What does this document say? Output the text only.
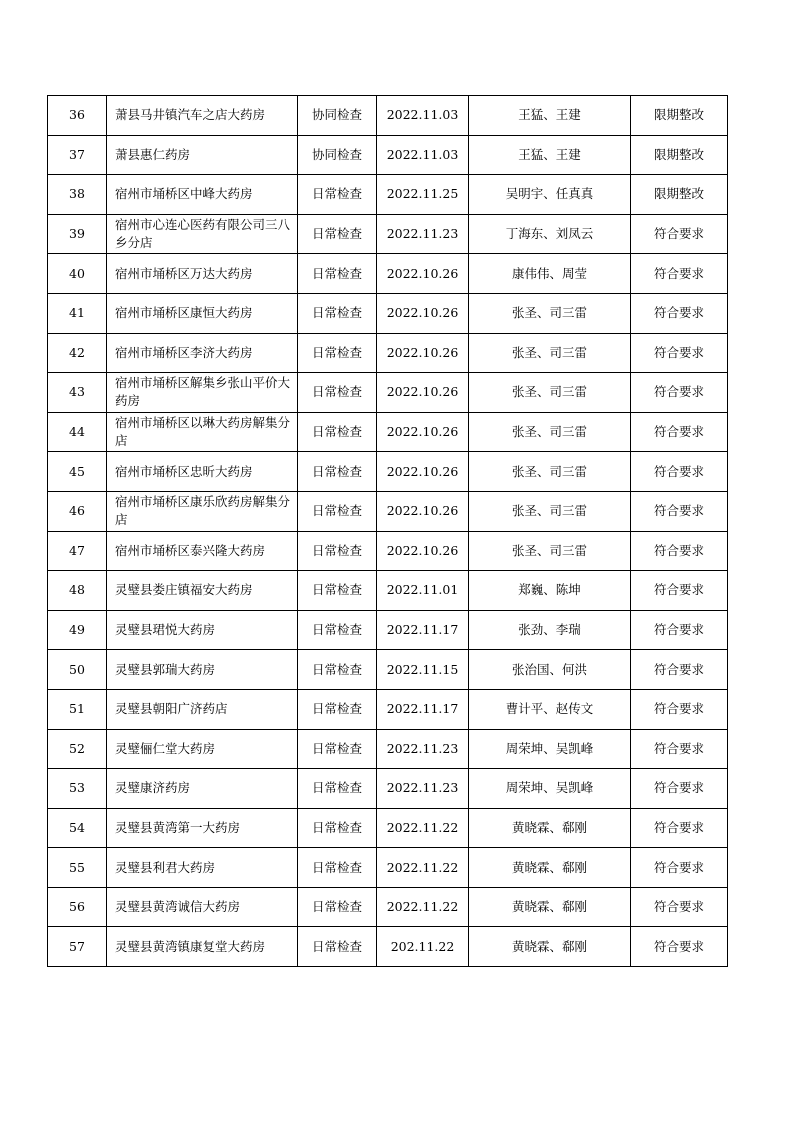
36	萧县马井镇汽车之店大药房	协同检查	2022.11.03	王猛、王建	限期整改
37	萧县惠仁药房	协同检查	2022.11.03	王猛、王建	限期整改
38	宿州市埇桥区中峰大药房	日常检查	2022.11.25	吴明宇、任真真	限期整改
39	宿州市心连心医药有限公司三八乡分店	日常检查	2022.11.23	丁海东、刘凤云	符合要求
40	宿州市埇桥区万达大药房	日常检查	2022.10.26	康伟伟、周莹	符合要求
41	宿州市埇桥区康恒大药房	日常检查	2022.10.26	张圣、司三雷	符合要求
42	宿州市埇桥区李济大药房	日常检查	2022.10.26	张圣、司三雷	符合要求
43	宿州市埇桥区解集乡张山平价大药房	日常检查	2022.10.26	张圣、司三雷	符合要求
44	宿州市埇桥区以琳大药房解集分店	日常检查	2022.10.26	张圣、司三雷	符合要求
45	宿州市埇桥区忠昕大药房	日常检查	2022.10.26	张圣、司三雷	符合要求
46	宿州市埇桥区康乐欣药房解集分店	日常检查	2022.10.26	张圣、司三雷	符合要求
47	宿州市埇桥区泰兴隆大药房	日常检查	2022.10.26	张圣、司三雷	符合要求
48	灵璧县娄庄镇福安大药房	日常检查	2022.11.01	郑巍、陈坤	符合要求
49	灵璧县珺悦大药房	日常检查	2022.11.17	张劲、李瑞	符合要求
50	灵璧县郭瑞大药房	日常检查	2022.11.15	张治国、何洪	符合要求
51	灵璧县朝阳广济药店	日常检查	2022.11.17	曹计平、赵传文	符合要求
52	灵璧俪仁堂大药房	日常检查	2022.11.23	周荣坤、吴凯峰	符合要求
53	灵璧康济药房	日常检查	2022.11.23	周荣坤、吴凯峰	符合要求
54	灵璧县黄湾第一大药房	日常检查	2022.11.22	黄晓霖、郗刚	符合要求
55	灵璧县利君大药房	日常检查	2022.11.22	黄晓霖、郗刚	符合要求
56	灵璧县黄湾诚信大药房	日常检查	2022.11.22	黄晓霖、郗刚	符合要求
57	灵璧县黄湾镇康复堂大药房	日常检查	202.11.22	黄晓霖、郗刚	符合要求
